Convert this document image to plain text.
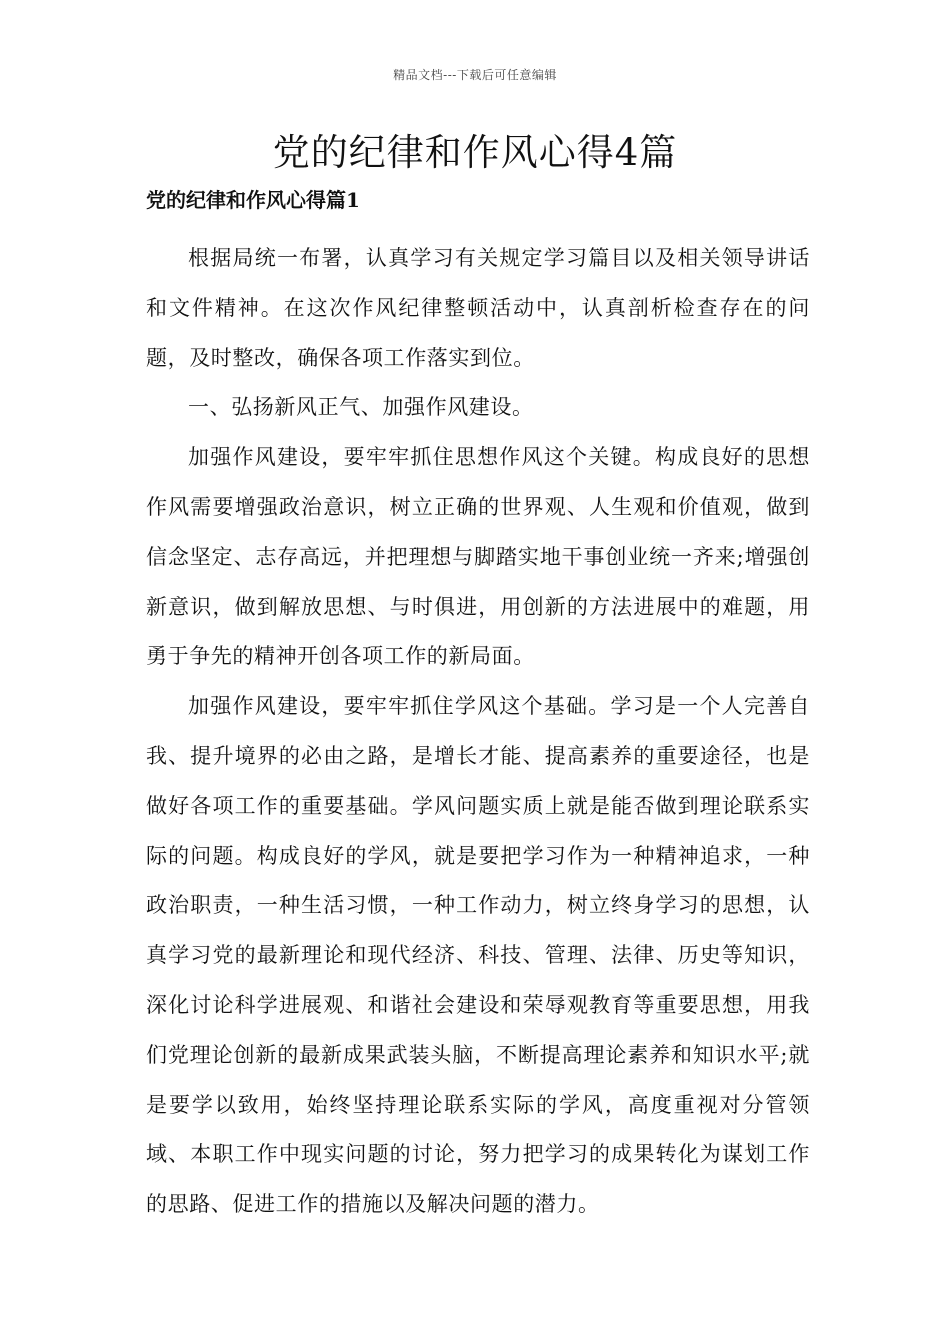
精品文档---下载后可任意编辑
党的纪律和作风心得4篇
党的纪律和作风心得篇1

根据局统一布署，认真学习有关规定学习篇目以及相关领导讲话和文件精神。在这次作风纪律整顿活动中，认真剖析检查存在的问题，及时整改，确保各项工作落实到位。

一、弘扬新风正气、加强作风建设。

加强作风建设，要牢牢抓住思想作风这个关键。构成良好的思想作风需要增强政治意识，树立正确的世界观、人生观和价值观，做到信念坚定、志存高远，并把理想与脚踏实地干事创业统一齐来;增强创新意识，做到解放思想、与时俱进，用创新的方法进展中的难题，用勇于争先的精神开创各项工作的新局面。

加强作风建设，要牢牢抓住学风这个基础。学习是一个人完善自我、提升境界的必由之路，是增长才能、提高素养的重要途径，也是做好各项工作的重要基础。学风问题实质上就是能否做到理论联系实际的问题。构成良好的学风，就是要把学习作为一种精神追求，一种政治职责，一种生活习惯，一种工作动力，树立终身学习的思想，认真学习党的最新理论和现代经济、科技、管理、法律、历史等知识，深化讨论科学进展观、和谐社会建设和荣辱观教育等重要思想，用我们党理论创新的最新成果武装头脑，不断提高理论素养和知识水平;就是要学以致用，始终坚持理论联系实际的学风，高度重视对分管领域、本职工作中现实问题的讨论，努力把学习的成果转化为谋划工作的思路、促进工作的措施以及解决问题的潜力。
